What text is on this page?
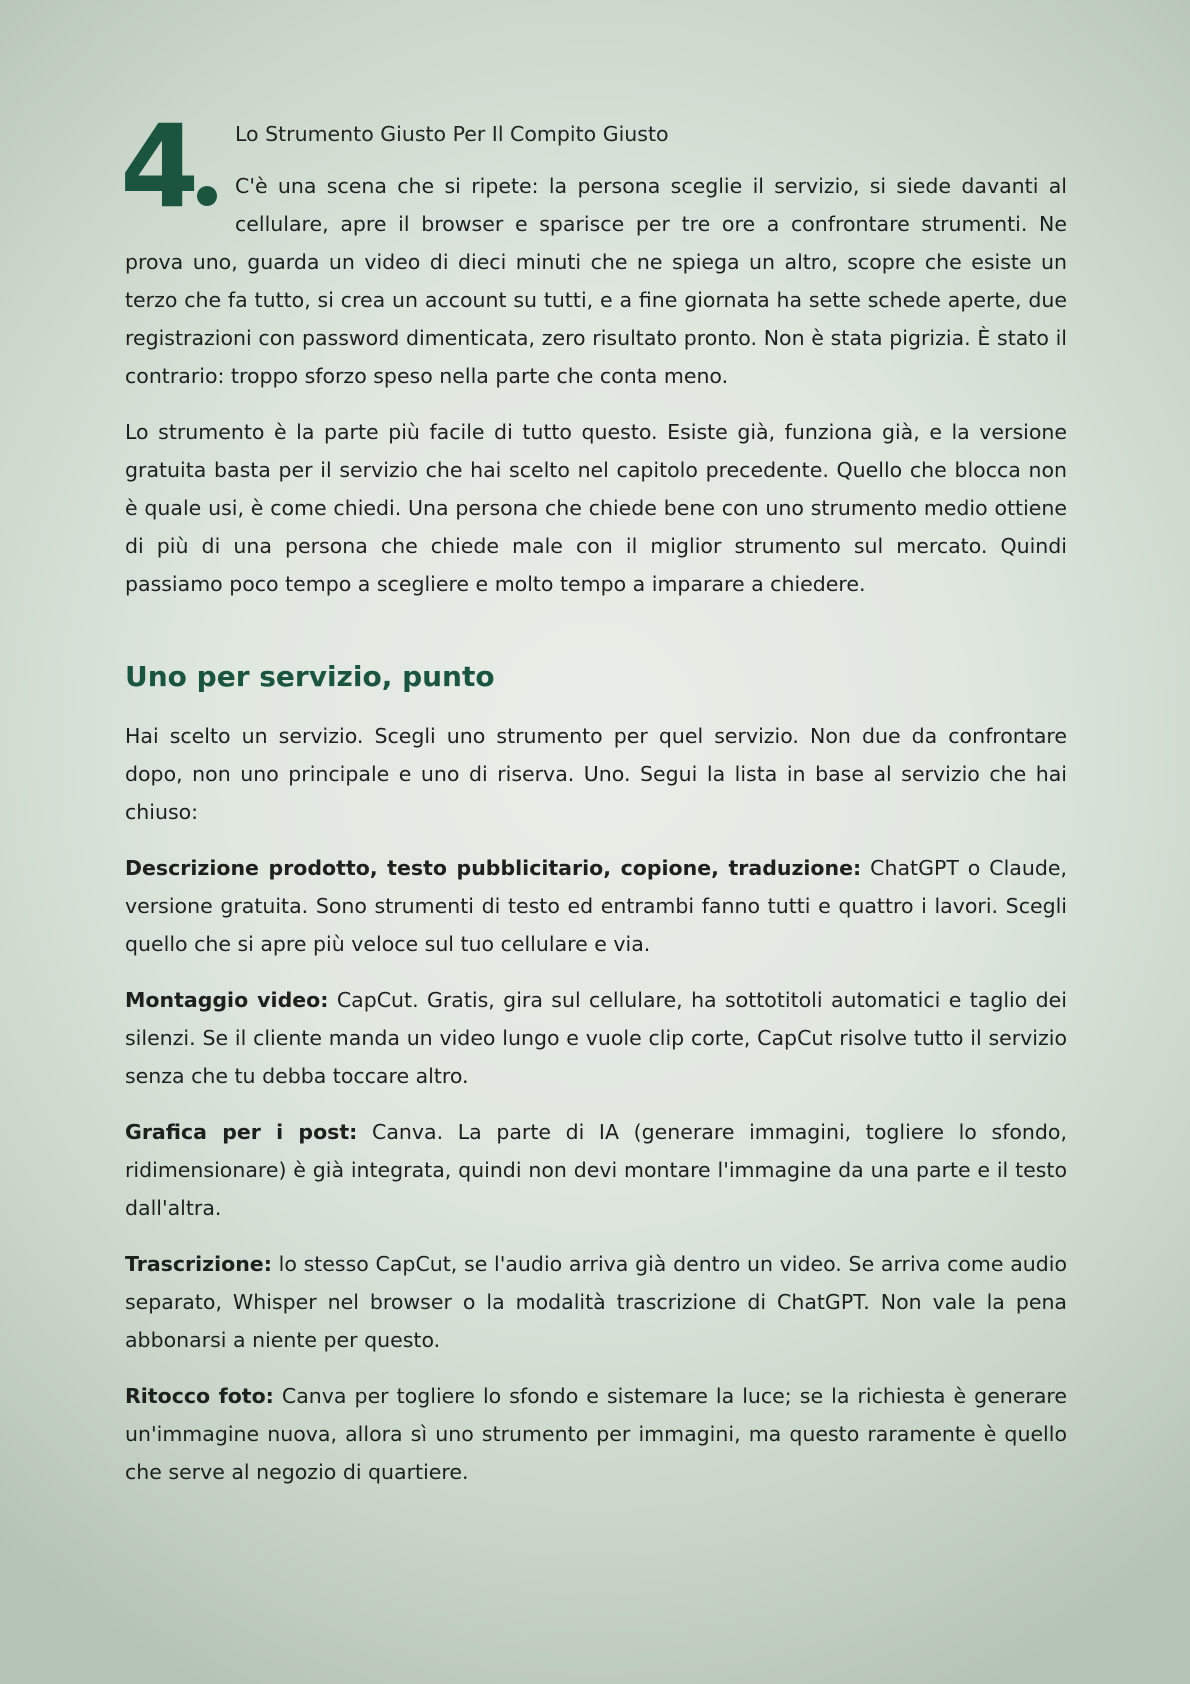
4	Lo Strumento Giusto Per Il Compito Giusto

C'è una scena che si ripete: la persona sceglie il servizio, si siede davanti al cellulare, apre il browser e sparisce per tre ore a confrontare strumenti. Ne prova uno, guarda un video di dieci minuti che ne spiega un altro, scopre che esiste un terzo che fa tutto, si crea un account su tutti, e a fine giornata ha sette schede aperte, due registrazioni con password dimenticata, zero risultato pronto. Non è stata pigrizia. È stato il contrario: troppo sforzo speso nella parte che conta meno.

Lo strumento è la parte più facile di tutto questo. Esiste già, funziona già, e la versione gratuita basta per il servizio che hai scelto nel capitolo precedente. Quello che blocca non è quale usi, è come chiedi. Una persona che chiede bene con uno strumento medio ottiene di più di una persona che chiede male con il miglior strumento sul mercato. Quindi passiamo poco tempo a scegliere e molto tempo a imparare a chiedere.

Uno per servizio, punto

Hai scelto un servizio. Scegli uno strumento per quel servizio. Non due da confrontare dopo, non uno principale e uno di riserva. Uno. Segui la lista in base al servizio che hai chiuso:

Descrizione prodotto, testo pubblicitario, copione, traduzione: ChatGPT o Claude, versione gratuita. Sono strumenti di testo ed entrambi fanno tutti e quattro i lavori. Scegli quello che si apre più veloce sul tuo cellulare e via.

Montaggio video: CapCut. Gratis, gira sul cellulare, ha sottotitoli automatici e taglio dei silenzi. Se il cliente manda un video lungo e vuole clip corte, CapCut risolve tutto il servizio senza che tu debba toccare altro.

Grafica per i post: Canva. La parte di IA (generare immagini, togliere lo sfondo, ridimensionare) è già integrata, quindi non devi montare l'immagine da una parte e il testo dall'altra.

Trascrizione: lo stesso CapCut, se l'audio arriva già dentro un video. Se arriva come audio separato, Whisper nel browser o la modalità trascrizione di ChatGPT. Non vale la pena abbonarsi a niente per questo.

Ritocco foto: Canva per togliere lo sfondo e sistemare la luce; se la richiesta è generare un'immagine nuova, allora sì uno strumento per immagini, ma questo raramente è quello che serve al negozio di quartiere.
